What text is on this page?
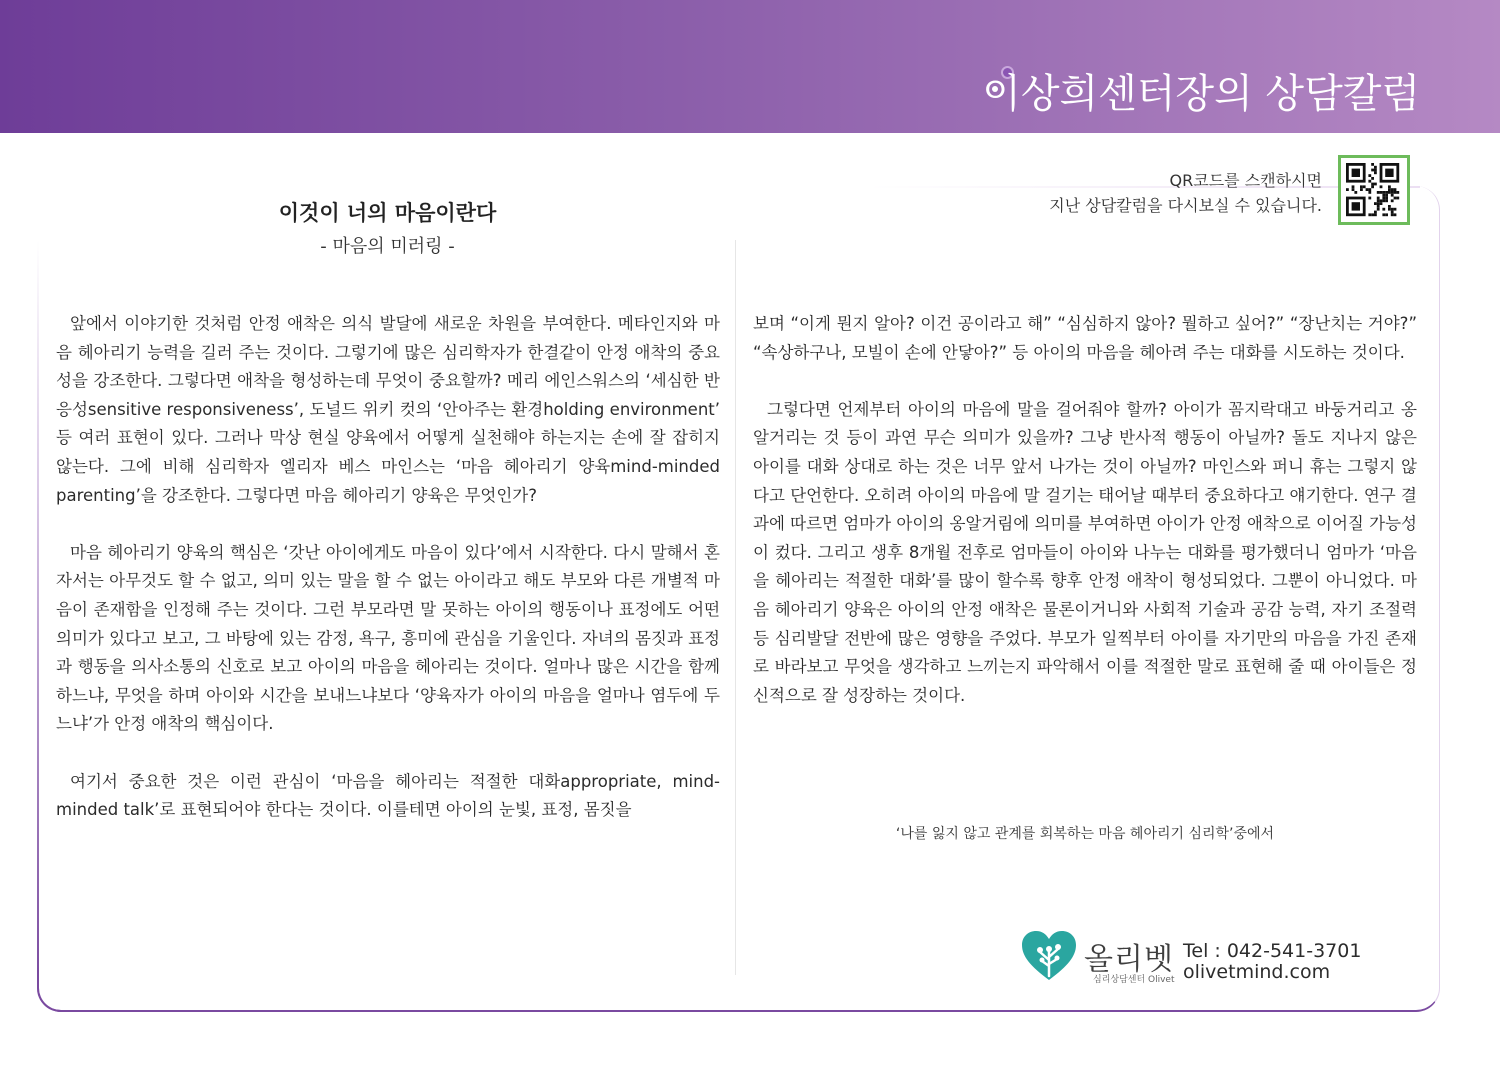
이상희센터장의 상담칼럼
QR코드를 스캔하시면
지난 상담칼럼을 다시보실 수 있습니다.
이것이 너의 마음이란다
- 마음의 미러링 -

앞에서 이야기한 것처럼 안정 애착은 의식 발달에 새로운 차원을 부여한다. 메타인지와 마음 헤아리기 능력을 길러 주는 것이다. 그렇기에 많은 심리학자가 한결같이 안정 애착의 중요성을 강조한다. 그렇다면 애착을 형성하는데 무엇이 중요할까? 메리 에인스워스의 ‘세심한 반응성sensitive responsiveness’, 도널드 위키 컷의 ‘안아주는 환경holding environment’ 등 여러 표현이 있다. 그러나 막상 현실 양육에서 어떻게 실천해야 하는지는 손에 잘 잡히지 않는다. 그에 비해 심리학자 엘리자 베스 마인스는 ‘마음 헤아리기 양육mind-minded parenting’을 강조한다. 그렇다면 마음 헤아리기 양육은 무엇인가?

마음 헤아리기 양육의 핵심은 ‘갓난 아이에게도 마음이 있다’에서 시작한다. 다시 말해서 혼자서는 아무것도 할 수 없고, 의미 있는 말을 할 수 없는 아이라고 해도 부모와 다른 개별적 마음이 존재함을 인정해 주는 것이다. 그런 부모라면 말 못하는 아이의 행동이나 표정에도 어떤 의미가 있다고 보고, 그 바탕에 있는 감정, 욕구, 흥미에 관심을 기울인다. 자녀의 몸짓과 표정과 행동을 의사소통의 신호로 보고 아이의 마음을 헤아리는 것이다. 얼마나 많은 시간을 함께 하느냐, 무엇을 하며 아이와 시간을 보내느냐보다 ‘양육자가 아이의 마음을 얼마나 염두에 두느냐’가 안정 애착의 핵심이다.

여기서 중요한 것은 이런 관심이 ‘마음을 헤아리는 적절한 대화appropriate, mind-minded talk’로 표현되어야 한다는 것이다. 이를테면 아이의 눈빛, 표정, 몸짓을

보며 “이게 뭔지 알아? 이건 공이라고 해” “심심하지 않아? 뭘하고 싶어?” “장난치는 거야?” “속상하구나, 모빌이 손에 안닿아?” 등 아이의 마음을 헤아려 주는 대화를 시도하는 것이다.

그렇다면 언제부터 아이의 마음에 말을 걸어줘야 할까? 아이가 꼼지락대고 바둥거리고 옹알거리는 것 등이 과연 무슨 의미가 있을까? 그냥 반사적 행동이 아닐까? 돌도 지나지 않은 아이를 대화 상대로 하는 것은 너무 앞서 나가는 것이 아닐까? 마인스와 퍼니 휴는 그렇지 않다고 단언한다. 오히려 아이의 마음에 말 걸기는 태어날 때부터 중요하다고 얘기한다. 연구 결과에 따르면 엄마가 아이의 옹알거림에 의미를 부여하면 아이가 안정 애착으로 이어질 가능성이 컸다. 그리고 생후 8개월 전후로 엄마들이 아이와 나누는 대화를 평가했더니 엄마가 ‘마음을 헤아리는 적절한 대화’를 많이 할수록 향후 안정 애착이 형성되었다. 그뿐이 아니었다. 마음 헤아리기 양육은 아이의 안정 애착은 물론이거니와 사회적 기술과 공감 능력, 자기 조절력등 심리발달 전반에 많은 영향을 주었다. 부모가 일찍부터 아이를 자기만의 마음을 가진 존재로 바라보고 무엇을 생각하고 느끼는지 파악해서 이를 적절한 말로 표현해 줄 때 아이들은 정신적으로 잘 성장하는 것이다.

‘나를 잃지 않고 관계를 회복하는 마음 헤아리기 심리학’중에서
올리벳
심리상담센터 Olivet
Tel : 042-541-3701
olivetmind.com
